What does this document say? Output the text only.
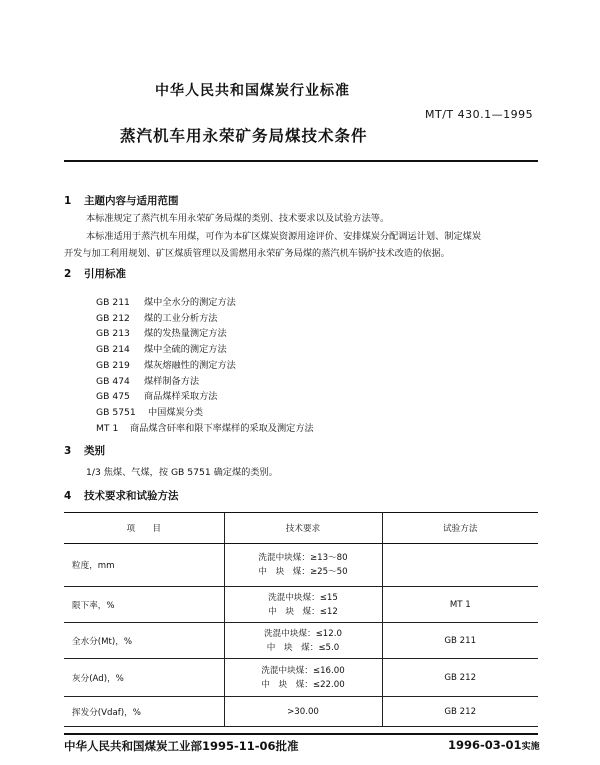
中华人民共和国煤炭行业标准
MT/T 430.1—1995
蒸汽机车用永荣矿务局煤技术条件
1 主题内容与适用范围
本标准规定了蒸汽机车用永荣矿务局煤的类别、技术要求以及试验方法等。
本标准适用于蒸汽机车用煤，可作为本矿区煤炭资源用途评价、安排煤炭分配调运计划、制定煤炭
开发与加工利用规划、矿区煤质管理以及需燃用永荣矿务局煤的蒸汽机车锅炉技术改造的依据。
2 引用标准
GB 211 煤中全水分的测定方法
GB 212 煤的工业分析方法
GB 213 煤的发热量测定方法
GB 214 煤中全硫的测定方法
GB 219 煤灰熔融性的测定方法
GB 474 煤样制备方法
GB 475 商品煤样采取方法
GB 5751 中国煤炭分类
MT 1 商品煤含矸率和限下率煤样的采取及测定方法
3 类别
1/3 焦煤、气煤，按 GB 5751 确定煤的类别。
4 技术要求和试验方法
项　　目	技术要求	试验方法
粒度，mm	洗混中块煤：≥13～80
中　块　煤：≥25～50	

限下率，%	洗混中块煤：≤15
中　块　煤：≤12	MT 1
全水分(Mt)，%	洗混中块煤：≤12.0
中　块　煤：≤5.0	GB 211
灰分(Ad)，%	洗混中块煤：≤16.00
中　块　煤：≤22.00	GB 212
挥发分(Vdaf)，%	>30.00	GB 212
中华人民共和国煤炭工业部1995-11-06批准	1996-03-01实施
